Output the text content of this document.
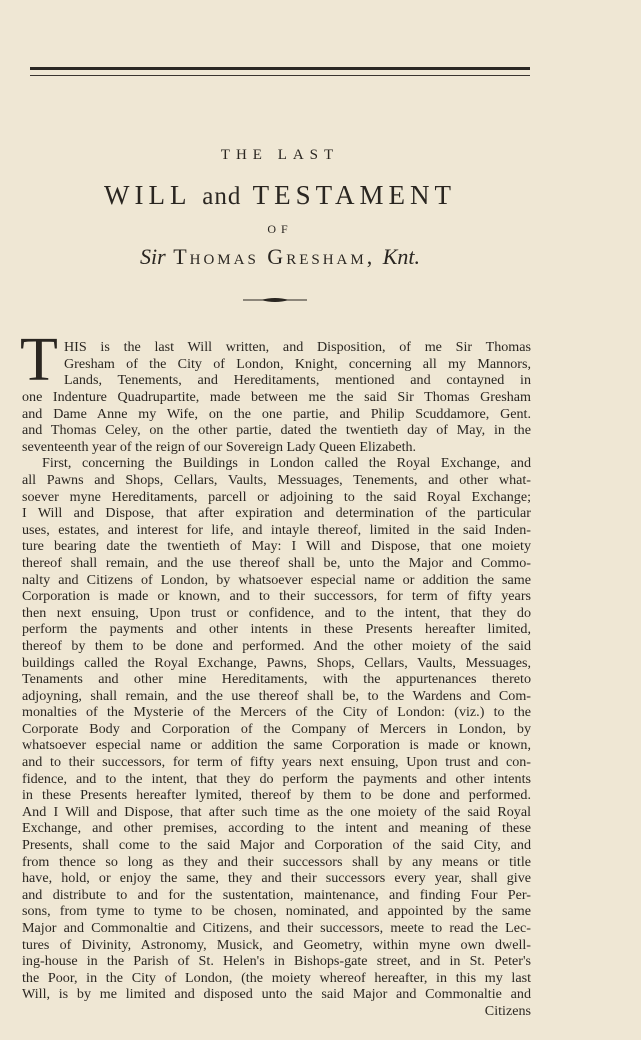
THE LAST
WILL and TESTAMENT
OF
Sir Thomas Gresham, Knt.
T HIS is the last Will written, and Disposition, of me Sir Thomas
Gresham of the City of London, Knight, concerning all my Mannors,
Lands, Tenements, and Hereditaments, mentioned and contayned in
one Indenture Quadrupartite, made between me the said Sir Thomas Gresham
and Dame Anne my Wife, on the one partie, and Philip Scuddamore, Gent.
and Thomas Celey, on the other partie, dated the twentieth day of May, in the
seventeenth year of the reign of our Sovereign Lady Queen Elizabeth.
First, concerning the Buildings in London called the Royal Exchange, and
all Pawns and Shops, Cellars, Vaults, Messuages, Tenements, and other what-
soever myne Hereditaments, parcell or adjoining to the said Royal Exchange;
I Will and Dispose, that after expiration and determination of the particular
uses, estates, and interest for life, and intayle thereof, limited in the said Inden-
ture bearing date the twentieth of May: I Will and Dispose, that one moiety
thereof shall remain, and the use thereof shall be, unto the Major and Commo-
nalty and Citizens of London, by whatsoever especial name or addition the same
Corporation is made or known, and to their successors, for term of fifty years
then next ensuing, Upon trust or confidence, and to the intent, that they do
perform the payments and other intents in these Presents hereafter limited,
thereof by them to be done and performed. And the other moiety of the said
buildings called the Royal Exchange, Pawns, Shops, Cellars, Vaults, Messuages,
Tenaments and other mine Hereditaments, with the appurtenances thereto
adjoyning, shall remain, and the use thereof shall be, to the Wardens and Com-
monalties of the Mysterie of the Mercers of the City of London: (viz.) to the
Corporate Body and Corporation of the Company of Mercers in London, by
whatsoever especial name or addition the same Corporation is made or known,
and to their successors, for term of fifty years next ensuing, Upon trust and con-
fidence, and to the intent, that they do perform the payments and other intents
in these Presents hereafter lymited, thereof by them to be done and performed.
And I Will and Dispose, that after such time as the one moiety of the said Royal
Exchange, and other premises, according to the intent and meaning of these
Presents, shall come to the said Major and Corporation of the said City, and
from thence so long as they and their successors shall by any means or title
have, hold, or enjoy the same, they and their successors every year, shall give
and distribute to and for the sustentation, maintenance, and finding Four Per-
sons, from tyme to tyme to be chosen, nominated, and appointed by the same
Major and Commonaltie and Citizens, and their successors, meete to read the Lec-
tures of Divinity, Astronomy, Musick, and Geometry, within myne own dwell-
ing-house in the Parish of St. Helen's in Bishops-gate street, and in St. Peter's
the Poor, in the City of London, (the moiety whereof hereafter, in this my last
Will, is by me limited and disposed unto the said Major and Commonaltie and
Citizens
